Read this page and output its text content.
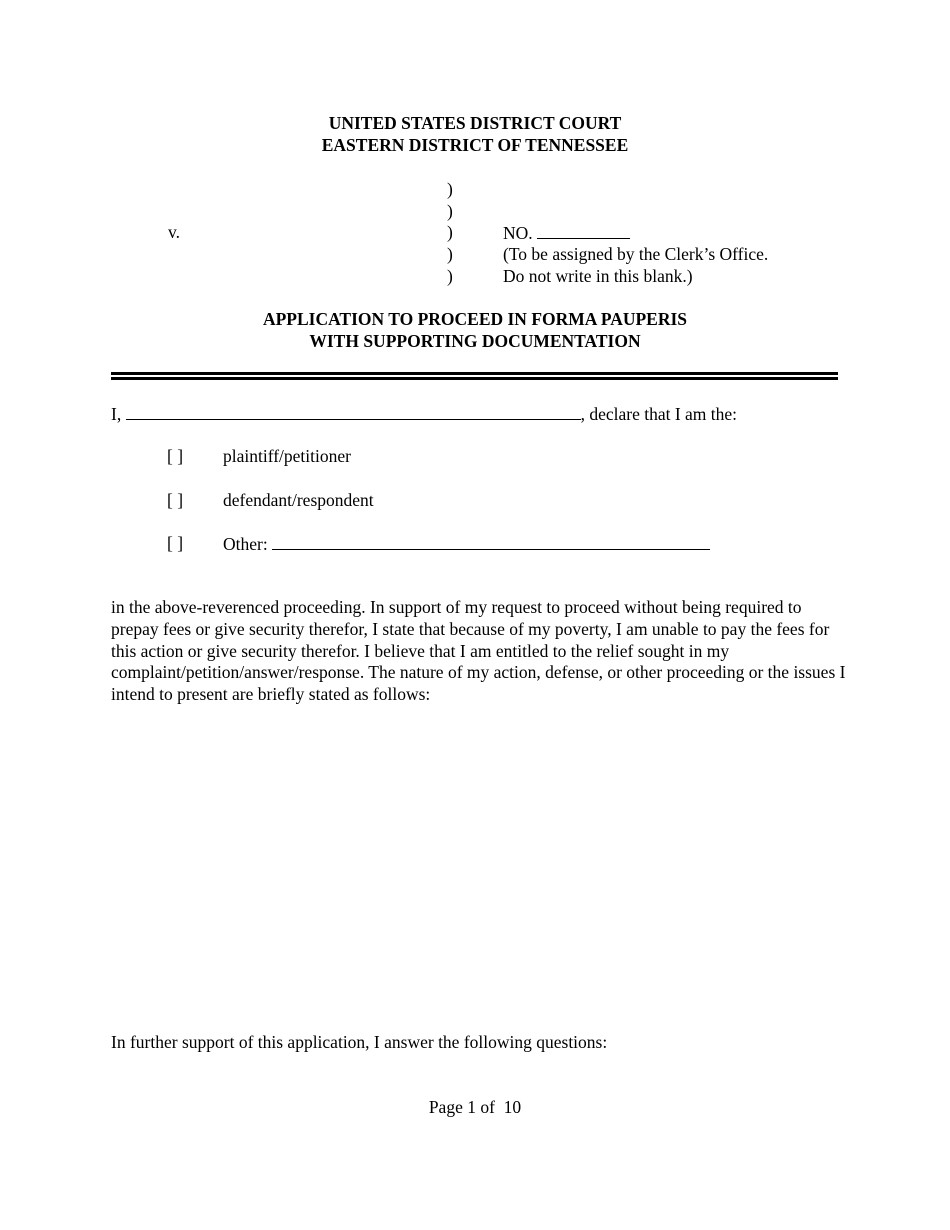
UNITED STATES DISTRICT COURT
EASTERN DISTRICT OF TENNESSEE
)
)
)
)
)
v.	NO.
(To be assigned by the Clerk’s Office.
Do not write in this blank.)
APPLICATION TO PROCEED IN FORMA PAUPERIS
WITH SUPPORTING DOCUMENTATION
I,	, declare that I am the:
[ ] plaintiff/petitioner
[ ] defendant/respondent
[ ] Other:
in the above-reverenced proceeding. In support of my request to proceed without being required to prepay fees or give security therefor, I state that because of my poverty, I am unable to pay the fees for this action or give security therefor. I believe that I am entitled to the relief sought in my complaint/petition/answer/response. The nature of my action, defense, or other proceeding or the issues I intend to present are briefly stated as follows:
In further support of this application, I answer the following questions:
Page 1 of  10
